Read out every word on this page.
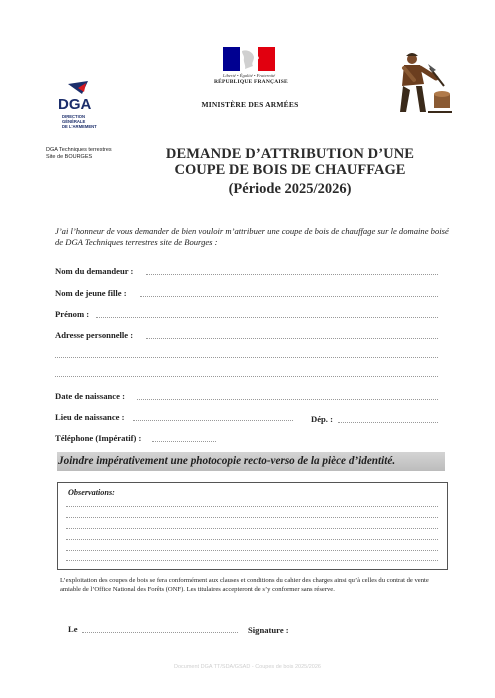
Liberté • Égalité • Fraternité
RÉPUBLIQUE FRANÇAISE
MINISTÈRE DES ARMÉES
DGA
DIRECTION
GÉNÉRALE
DE L'ARMEMENT
DGA Techniques terrestres
Site de BOURGES	DEMANDE D’ATTRIBUTION D’UNE
COUPE DE BOIS DE CHAUFFAGE
(Période 2025/2026)
J’ai l’honneur de vous demander de bien vouloir m’attribuer une coupe de bois de chauffage sur le domaine boisé de DGA Techniques terrestres site de Bourges :
Nom du demandeur :
Nom de jeune fille :
Prénom :
Adresse personnelle :
Date de naissance :
Lieu de naissance :	Dép. :
Téléphone (Impératif) :
Joindre impérativement une photocopie recto-verso de la pièce d’identité.
Observations:
L’exploitation des coupes de bois se fera conformément aux clauses et conditions du cahier des charges ainsi qu’à celles du contrat de vente amiable de l’Office National des Forêts (ONF). Les titulaires accepteront de s’y conformer sans réserve.
Le	Signature :
Document DGA TT/SDA/GSAD - Coupes de bois 2025/2026
